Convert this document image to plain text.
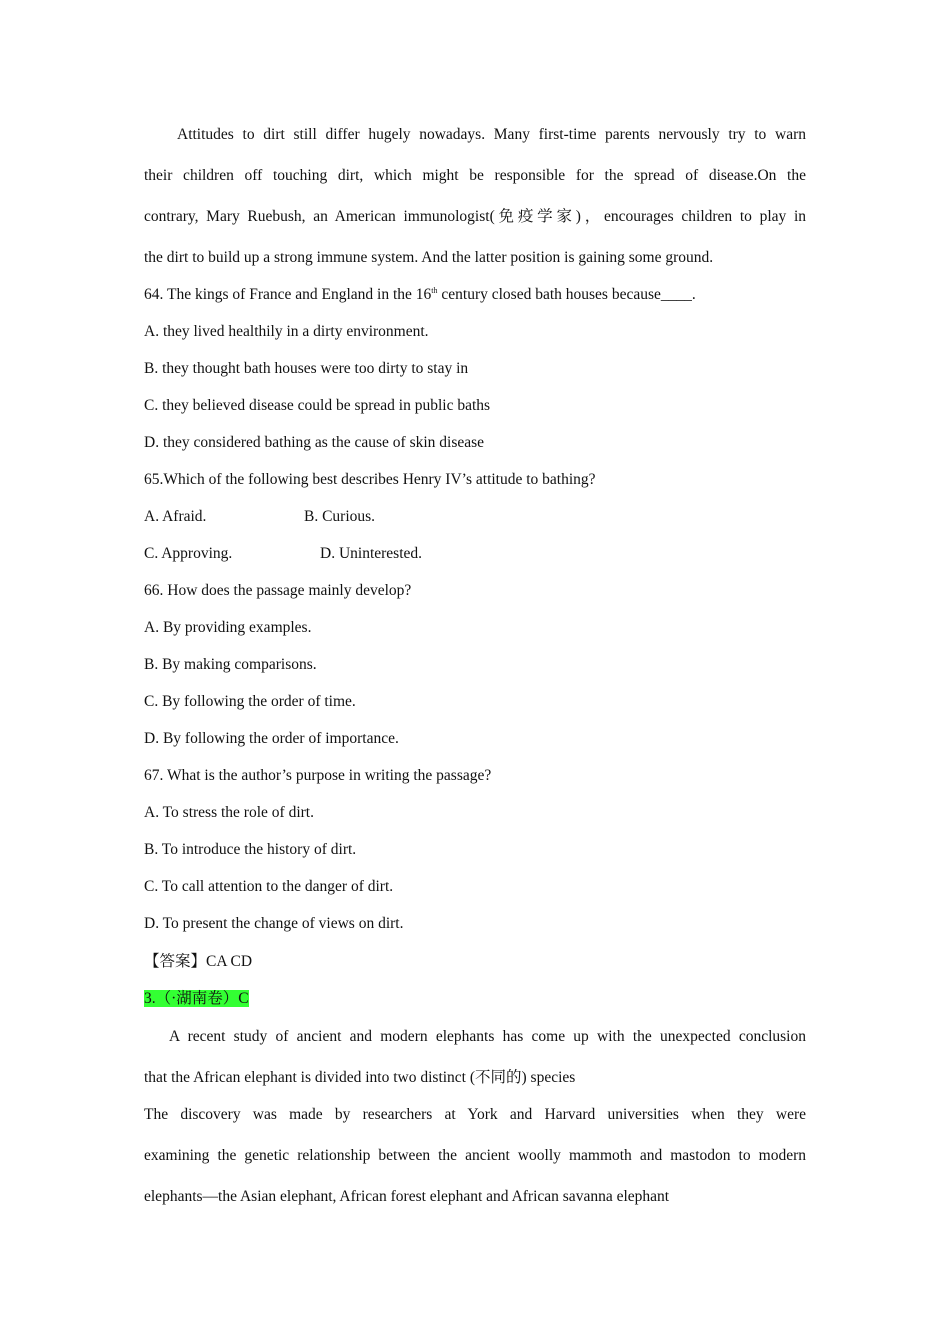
Attitudes to dirt still differ hugely nowadays. Many first-time parents nervously try to warn
their children off touching dirt, which might be responsible for the spread of disease.On the
contrary, Mary Ruebush, an American immunologist(免疫学家)，encourages children to play in
the dirt to build up a strong immune system. And the latter position is gaining some ground.
64. The kings of France and England in the 16th century closed bath houses because____.
A. they lived healthily in a dirty environment.
B. they thought bath houses were too dirty to stay in
C. they believed disease could be spread in public baths
D. they considered bathing as the cause of skin disease
65.Which of the following best describes Henry IV’s attitude to bathing?
A. Afraid.	B. Curious.
C. Approving.	D. Uninterested.
66. How does the passage mainly develop?
A. By providing examples.
B. By making comparisons.
C. By following the order of time.
D. By following the order of importance.
67. What is the author’s purpose in writing the passage?
A. To stress the role of dirt.
B. To introduce the history of dirt.
C. To call attention to the danger of dirt.
D. To present the change of views on dirt.
【答案】CA CD
3.（·湖南卷）C
A recent study of ancient and modern elephants has come up with the unexpected conclusion
that the African elephant is divided into two distinct (不同的) species
The discovery was made by researchers at York and Harvard universities when they were
examining the genetic relationship between the ancient woolly mammoth and mastodon to modern
elephants—the Asian elephant, African forest elephant and African savanna elephant
